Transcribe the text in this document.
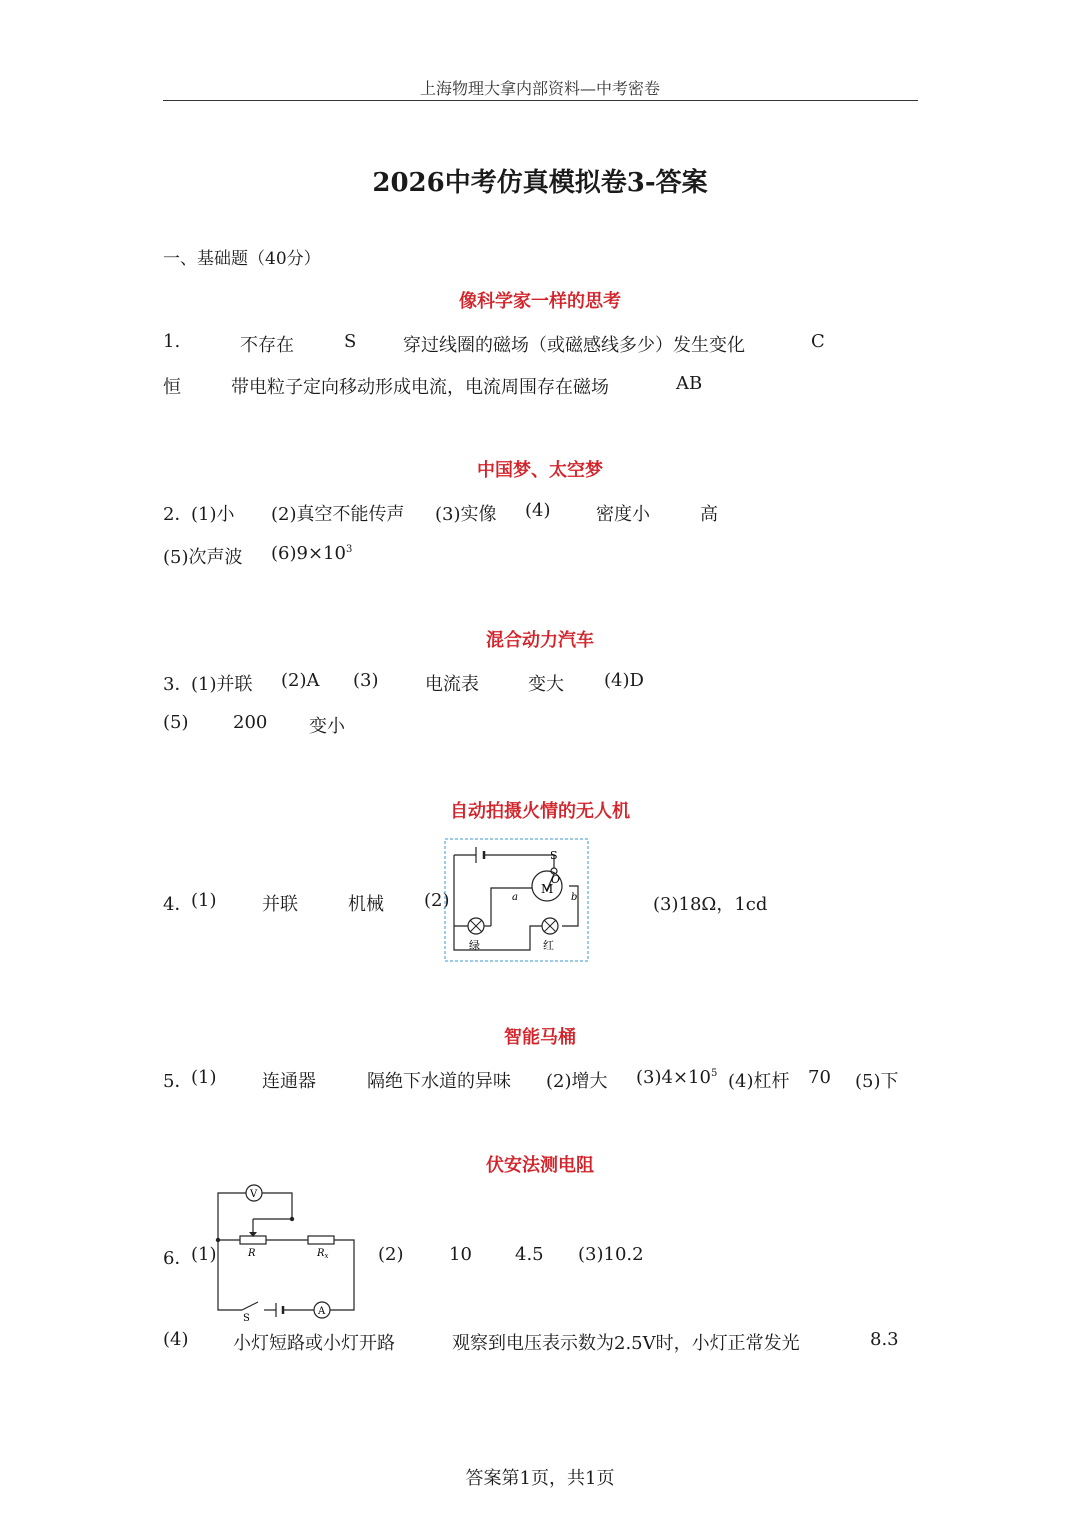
上海物理大拿内部资料—中考密卷
2026中考仿真模拟卷3-答案
一、基础题（40分）
像科学家一样的思考
1.	不存在	S	穿过线圈的磁场（或磁感线多少）发生变化	C
恒	带电粒子定向移动形成电流，电流周围存在磁场	AB
中国梦、太空梦
2．
(1)小 (2)真空不能传声 (3)实像 (4)	密度小	高
(5)次声波 $(6)9\times 10^3$
混合动力汽车
3．
(1)并联 (2)A (3)	电流表	变大 (4)D
(5) 200 变小
自动拍摄火情的无人机
4．
(1)	并联	机械 (2)	(3)18Ω，1cd
S
O
M
a	b
绿	红
智能马桶
5．
(1)	连通器	隔绝下水道的异味 (2)增大 $(3)4\times 10^5$ (4)杠杆 70 (5)下
伏安法测电阻
6．
(1)	(2)	10 4.5 (3)10.2
V
A
R	$R_x$
S
(4) 小灯短路或小灯开路	观察到电压表示数为2.5V时，小灯正常发光	8.3
答案第1页，共1页
